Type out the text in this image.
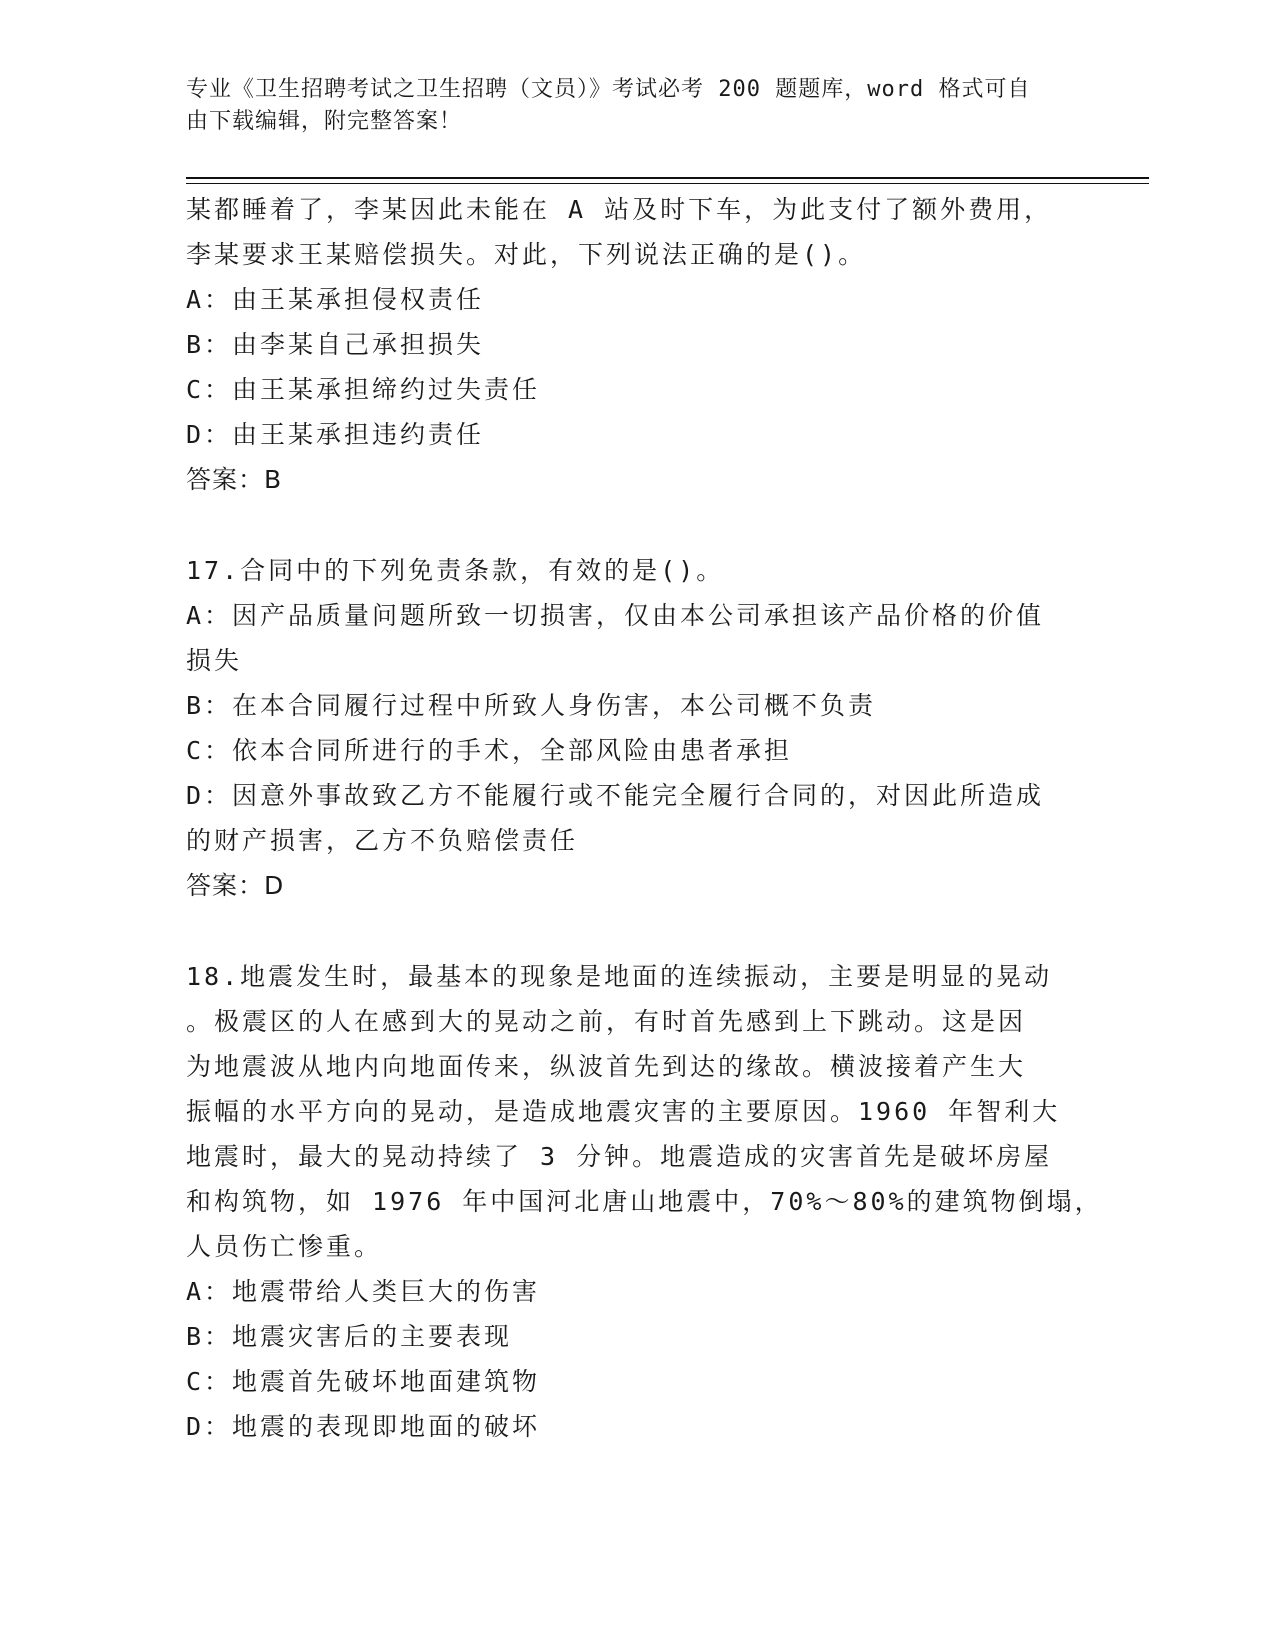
专业《卫生招聘考试之卫生招聘（文员）》考试必考 200 题题库，word 格式可自
由下载编辑，附完整答案！
某都睡着了，李某因此未能在 A 站及时下车，为此支付了额外费用，
李某要求王某赔偿损失。对此，下列说法正确的是()。
A：由王某承担侵权责任
B：由李某自己承担损失
C：由王某承担缔约过失责任
D：由王某承担违约责任
答案：B
17.合同中的下列免责条款，有效的是()。
A：因产品质量问题所致一切损害，仅由本公司承担该产品价格的价值
损失
B：在本合同履行过程中所致人身伤害，本公司概不负责
C：依本合同所进行的手术，全部风险由患者承担
D：因意外事故致乙方不能履行或不能完全履行合同的，对因此所造成
的财产损害，乙方不负赔偿责任
答案：D
18.地震发生时，最基本的现象是地面的连续振动，主要是明显的晃动
。极震区的人在感到大的晃动之前，有时首先感到上下跳动。这是因
为地震波从地内向地面传来，纵波首先到达的缘故。横波接着产生大
振幅的水平方向的晃动，是造成地震灾害的主要原因。1960 年智利大
地震时，最大的晃动持续了 3 分钟。地震造成的灾害首先是破坏房屋
和构筑物，如 1976 年中国河北唐山地震中，70%～80%的建筑物倒塌，
人员伤亡惨重。
A：地震带给人类巨大的伤害
B：地震灾害后的主要表现
C：地震首先破坏地面建筑物
D：地震的表现即地面的破坏
